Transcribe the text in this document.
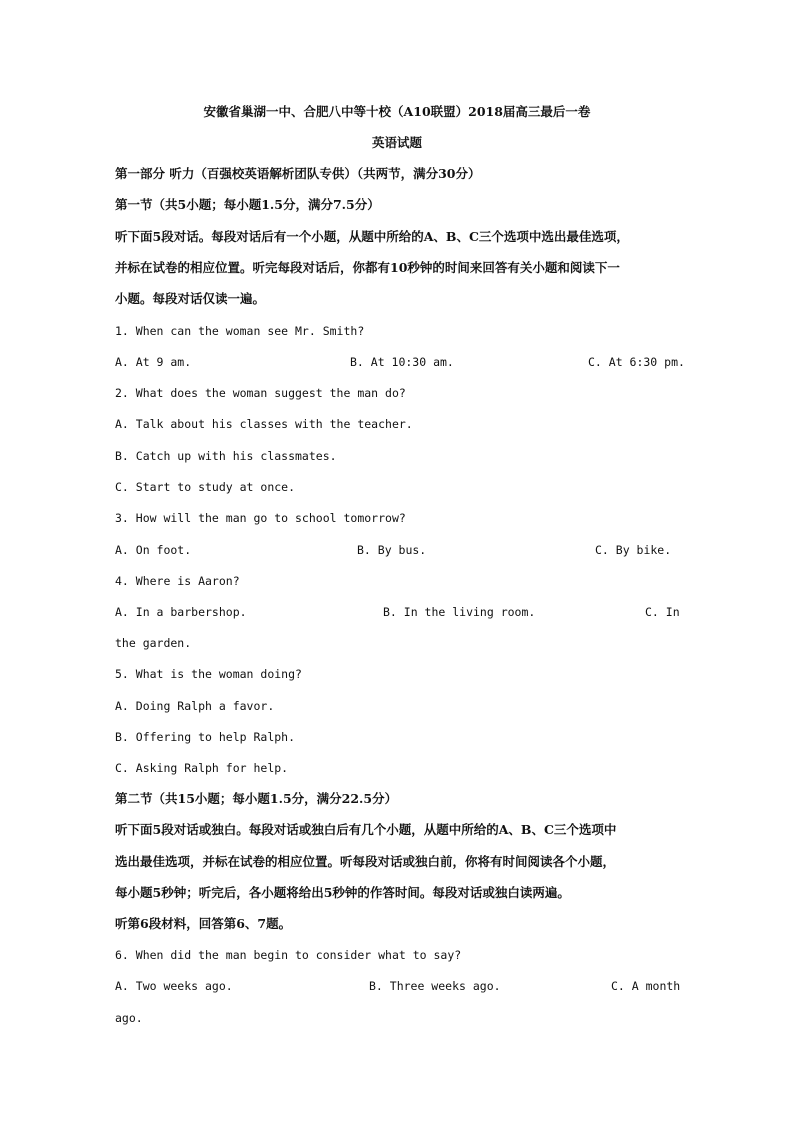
安徽省巢湖一中、合肥八中等十校（A10联盟）2018届高三最后一卷
英语试题
第一部分 听力（百强校英语解析团队专供）（共两节，满分30分）
第一节（共5小题；每小题1.5分，满分7.5分）
听下面5段对话。每段对话后有一个小题，从题中所给的A、B、C三个选项中选出最佳选项，
并标在试卷的相应位置。听完每段对话后，你都有10秒钟的时间来回答有关小题和阅读下一
小题。每段对话仅读一遍。
1. When can the woman see Mr. Smith?
A. At 9 am.	B. At 10:30 am.	C. At 6:30 pm.
2. What does the woman suggest the man do?
A. Talk about his classes with the teacher.
B. Catch up with his classmates.
C. Start to study at once.
3. How will the man go to school tomorrow?
A. On foot.	B. By bus.	C. By bike.
4. Where is Aaron?
A. In a barbershop.	B. In the living room.	C. In
the garden.
5. What is the woman doing?
A. Doing Ralph a favor.
B. Offering to help Ralph.
C. Asking Ralph for help.
第二节（共15小题；每小题1.5分，满分22.5分）
听下面5段对话或独白。每段对话或独白后有几个小题，从题中所给的A、B、C三个选项中
选出最佳选项，并标在试卷的相应位置。听每段对话或独白前，你将有时间阅读各个小题，
每小题5秒钟；听完后，各小题将给出5秒钟的作答时间。每段对话或独白读两遍。
听第6段材料，回答第6、7题。
6. When did the man begin to consider what to say?
A. Two weeks ago.	B. Three weeks ago.	C. A month
ago.
